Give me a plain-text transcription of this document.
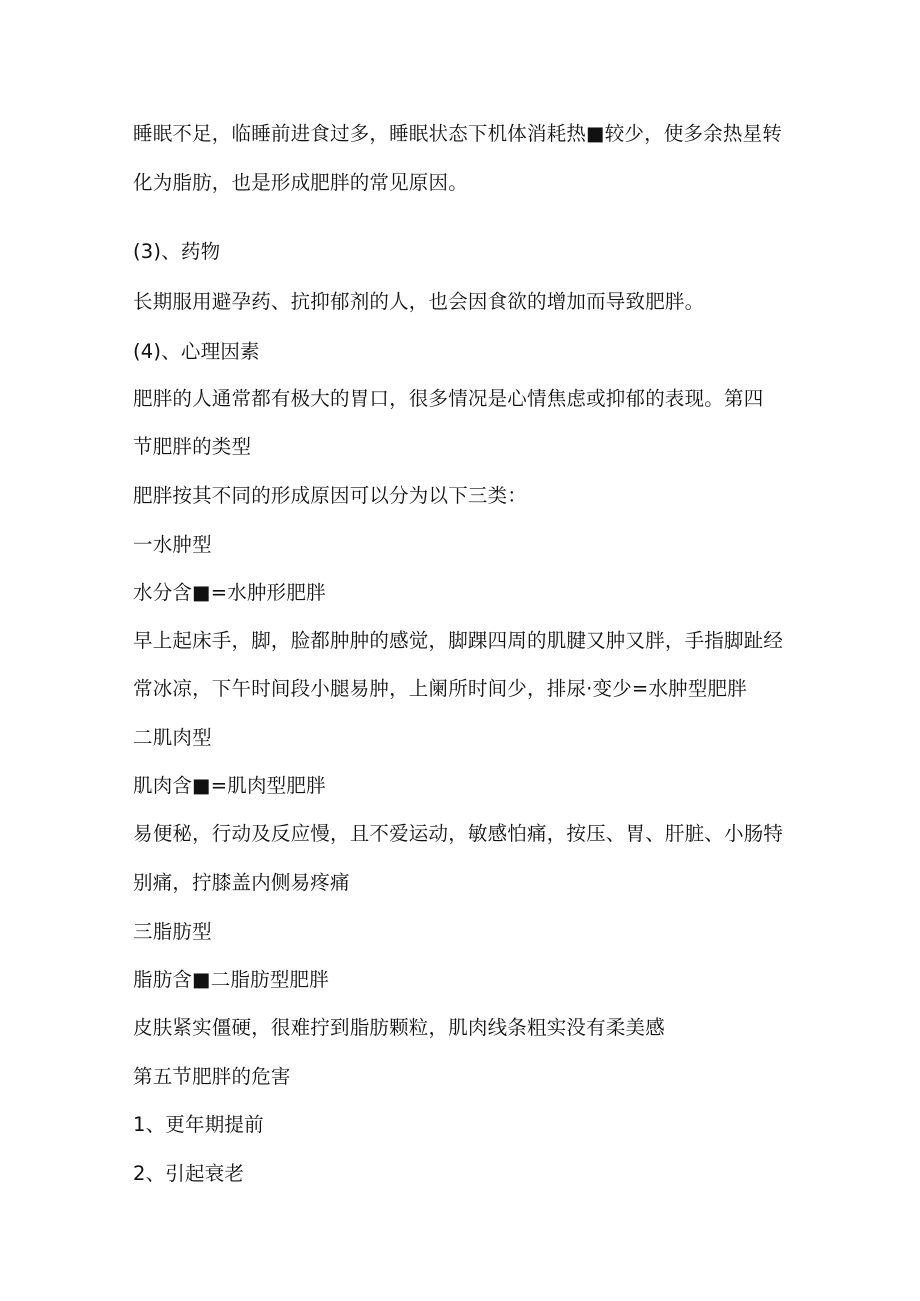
睡眠不足，临睡前进食过多，睡眠状态下机体消耗热■较少，使多余热星转
化为脂肪，也是形成肥胖的常见原因。
(3)、药物
长期服用避孕药、抗抑郁剂的人，也会因食欲的增加而导致肥胖。
(4)、心理因素
肥胖的人通常都有极大的胃口，很多情况是心情焦虑或抑郁的表现。第四
节肥胖的类型
肥胖按其不同的形成原因可以分为以下三类：
一水肿型
水分含■=水肿形肥胖
早上起床手，脚，脸都肿肿的感觉，脚踝四周的肌腱又肿又胖，手指脚趾经
常冰凉，下午时间段小腿易肿，上阑所时间少，排尿·变少=水肿型肥胖
二肌肉型
肌肉含■=肌肉型肥胖
易便秘，行动及反应慢，且不爱运动，敏感怕痛，按压、胃、肝脏、小肠特
别痛，拧膝盖内侧易疼痛
三脂肪型
脂肪含■二脂肪型肥胖
皮肤紧实僵硬，很难拧到脂肪颗粒，肌肉线条粗实没有柔美感
第五节肥胖的危害
1、更年期提前
2、引起衰老
